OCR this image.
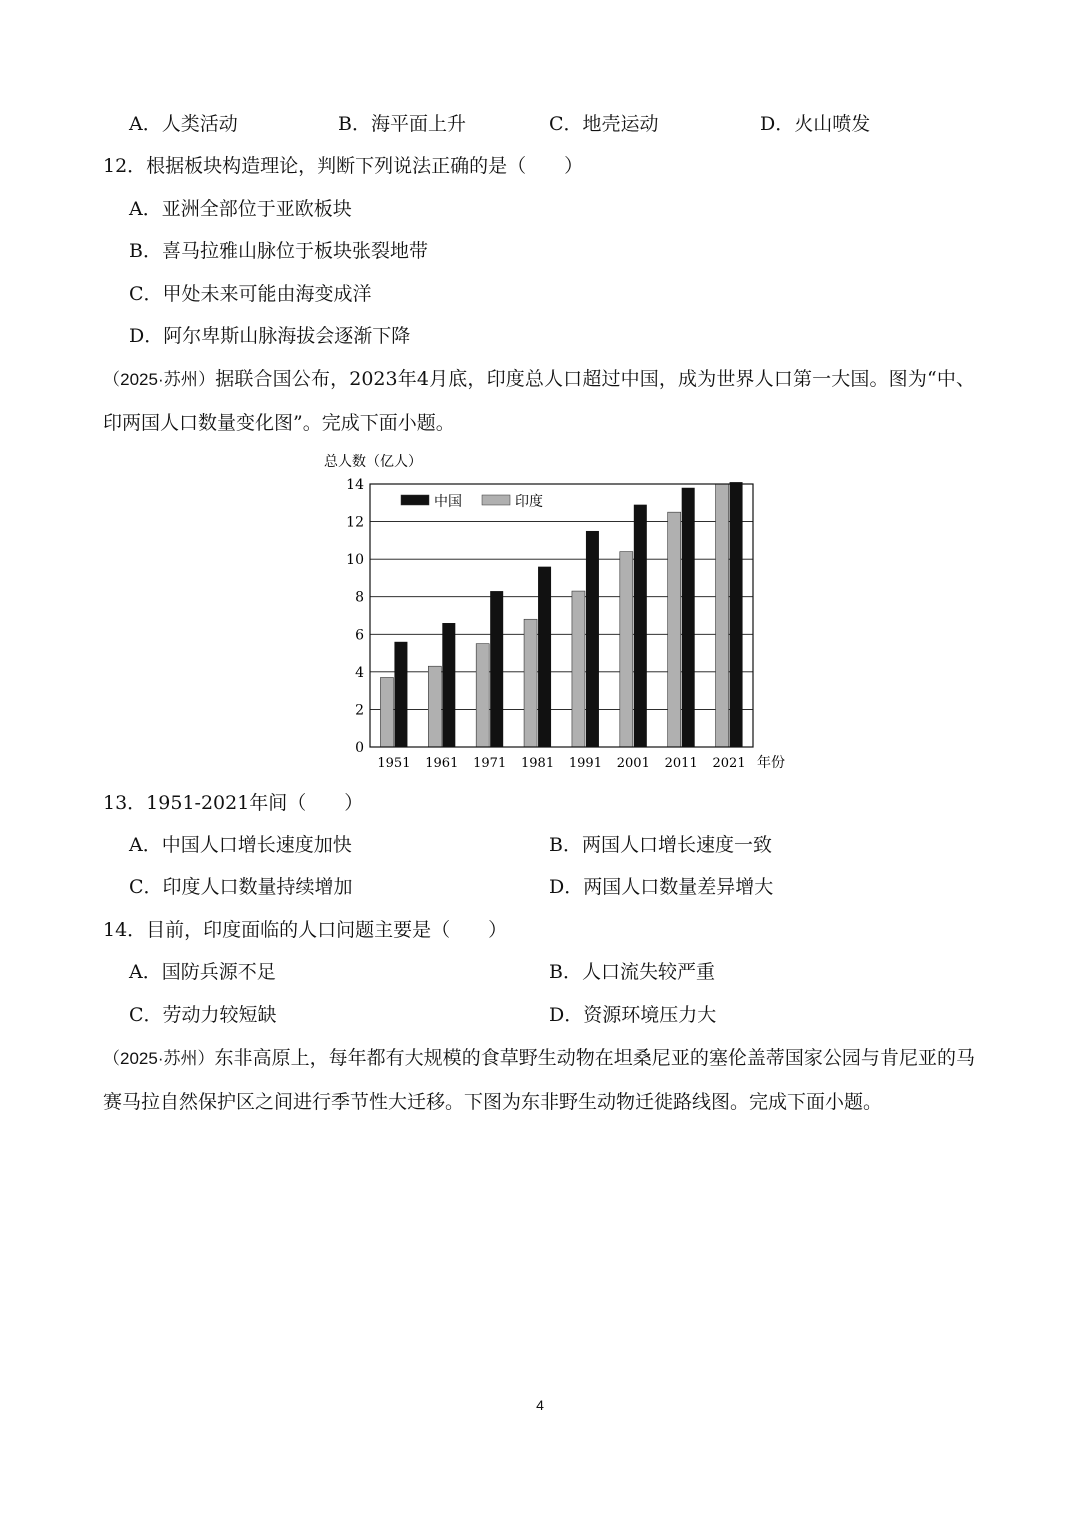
A．人类活动	B．海平面上升	C．地壳运动	D．火山喷发
12．根据板块构造理论，判断下列说法正确的是（　　）
A．亚洲全部位于亚欧板块
B．喜马拉雅山脉位于板块张裂地带
C．甲处未来可能由海变成洋
D．阿尔卑斯山脉海拔会逐渐下降
（2025·苏州）据联合国公布，2023年4月底，印度总人口超过中国，成为世界人口第一大国。图为“中、印两国人口数量变化图”。完成下面小题。
总人数（亿人）
0
2
4
6
8
10
12
14
1951 1961 1971 1981 1991 2001 2011 2021
中国	印度
年份
13．1951-2021年间（　　）
A．中国人口增长速度加快	B．两国人口增长速度一致
C．印度人口数量持续增加	D．两国人口数量差异增大
14．目前，印度面临的人口问题主要是（　　）
A．国防兵源不足	B．人口流失较严重
C．劳动力较短缺	D．资源环境压力大
（2025·苏州）东非高原上，每年都有大规模的食草野生动物在坦桑尼亚的塞伦盖蒂国家公园与肯尼亚的马赛马拉自然保护区之间进行季节性大迁移。下图为东非野生动物迁徙路线图。完成下面小题。
4
